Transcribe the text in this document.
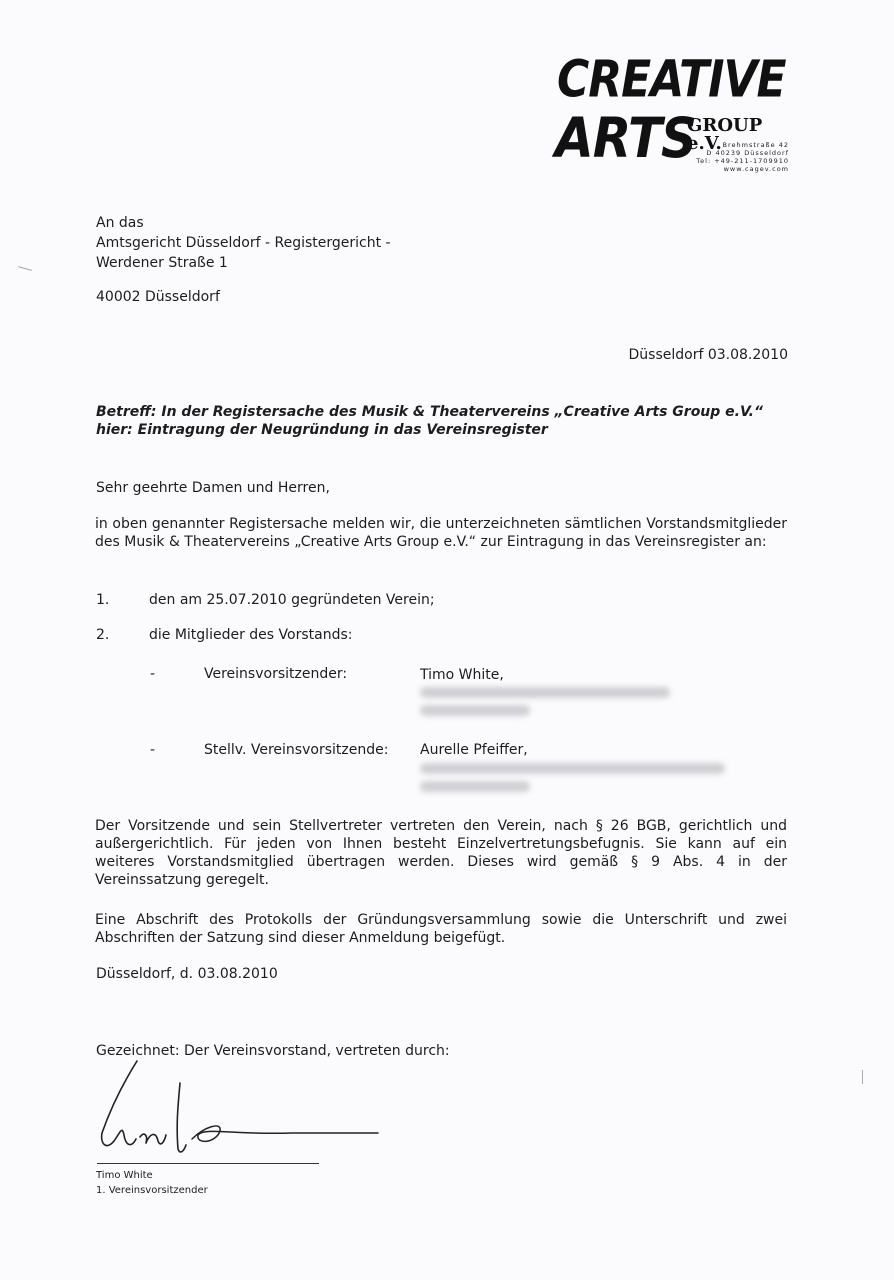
CREATIVE
ARTS
GROUP e.V. Brehmstraße 42
D 40239 Düsseldorf
Tel: +49-211-1709910
www.cagev.com
An das
Amtsgericht Düsseldorf - Registergericht -
Werdener Straße 1
40002 Düsseldorf
Düsseldorf 03.08.2010
Betreff: In der Registersache des Musik & Theatervereins „Creative Arts Group e.V.“
hier: Eintragung der Neugründung in das Vereinsregister
Sehr geehrte Damen und Herren,
in oben genannter Registersache melden wir, die unterzeichneten sämtlichen Vorstandsmitglieder des Musik & Theatervereins „Creative Arts Group e.V.“ zur Eintragung in das Vereinsregister an:
1.	den am 25.07.2010 gegründeten Verein;
2.	die Mitglieder des Vorstands:
-	Vereinsvorsitzender:	Timo White,
-	Stellv. Vereinsvorsitzende: Aurelle Pfeiffer,
Der Vorsitzende und sein Stellvertreter vertreten den Verein, nach § 26 BGB, gerichtlich und außergerichtlich. Für jeden von Ihnen besteht Einzelvertretungsbefugnis. Sie kann auf ein weiteres Vorstandsmitglied übertragen werden. Dieses wird gemäß § 9 Abs. 4 in der Vereinssatzung geregelt.
Eine Abschrift des Protokolls der Gründungsversammlung sowie die Unterschrift und zwei Abschriften der Satzung sind dieser Anmeldung beigefügt.
Düsseldorf, d. 03.08.2010
Gezeichnet: Der Vereinsvorstand, vertreten durch:
Timo White
1. Vereinsvorsitzender
